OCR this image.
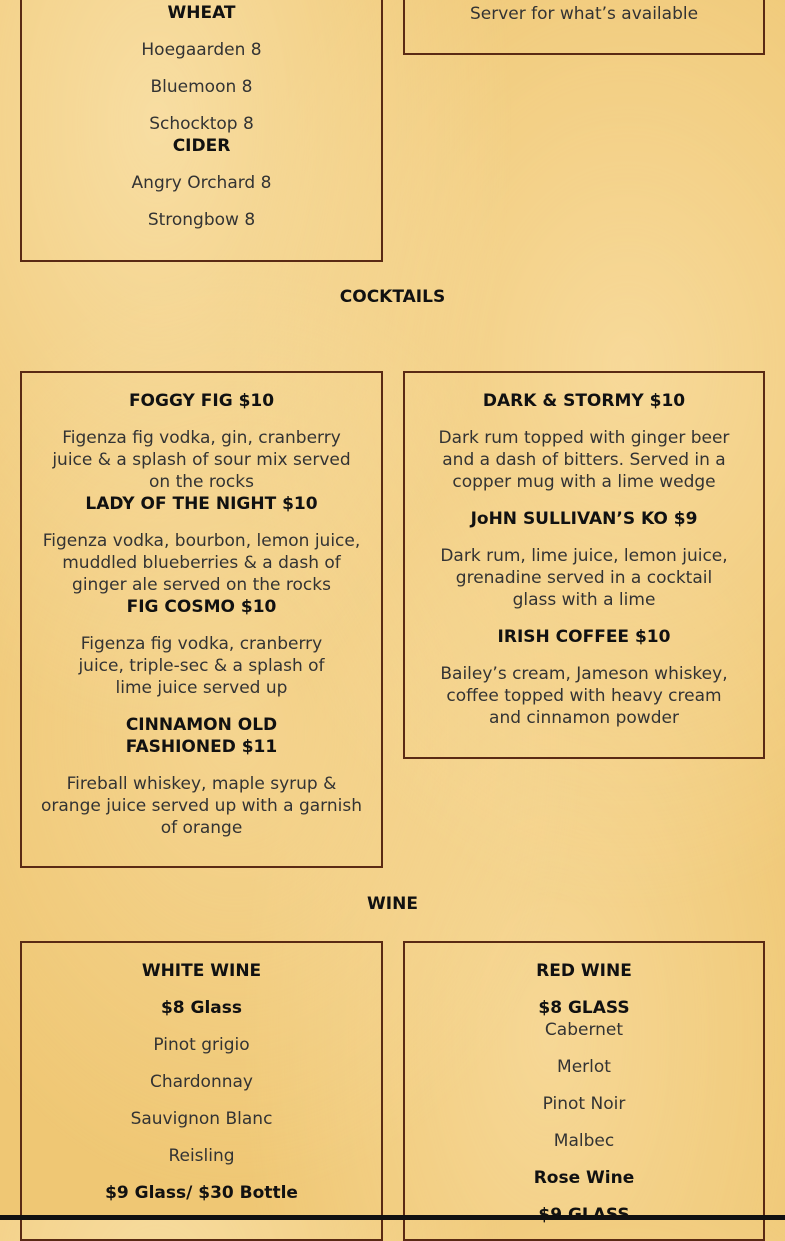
WHEAT

Hoegaarden 8

Bluemoon 8

Schocktop 8

CIDER

Angry Orchard 8

Strongbow 8

Server for what’s available

COCKTAILS

FOGGY FIG $10

Figenza fig vodka, gin, cranberry juice & a splash of sour mix served on the rocks

LADY OF THE NIGHT $10

Figenza vodka, bourbon, lemon juice, muddled blueberries & a dash of ginger ale served on the rocks

FIG COSMO $10

Figenza fig vodka, cranberry juice, triple-sec & a splash of lime juice served up

CINNAMON OLD FASHIONED $11

Fireball whiskey, maple syrup & orange juice served up with a garnish of orange

DARK & STORMY $10

Dark rum topped with ginger beer and a dash of bitters. Served in a copper mug with a lime wedge

JoHN SULLIVAN’S KO $9

Dark rum, lime juice, lemon juice, grenadine served in a cocktail glass with a lime

IRISH COFFEE $10

Bailey’s cream, Jameson whiskey, coffee topped with heavy cream and cinnamon powder

WINE

WHITE WINE

$8 Glass

Pinot grigio

Chardonnay

Sauvignon Blanc

Reisling

$9 Glass/ $30 Bottle

RED WINE

$8 GLASS

Cabernet

Merlot

Pinot Noir

Malbec

Rose Wine
